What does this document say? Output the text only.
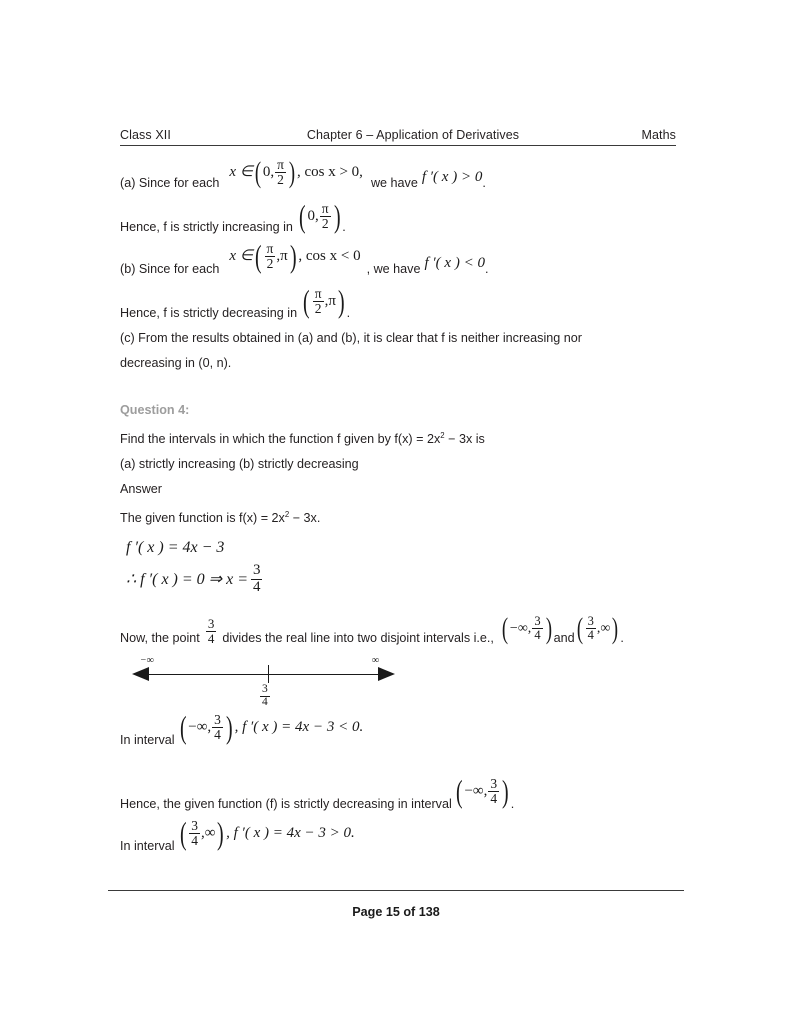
Class XII	Chapter 6 – Application of Derivatives	Maths
(a) Since for each
x ∈ ( 0, $\frac{\pi}{2}$ ) , cos x > 0,
we have f ′( x ) > 0 .
Hence, f is strictly increasing in ( 0, $\frac{\pi}{2}$ ) .
(b) Since for each
x ∈ ( $\frac{\pi}{2} ,\pi$ ) , cos x < 0
, we have f ′( x ) < 0 .
Hence, f is strictly decreasing in ( $\frac{\pi}{2} ,\pi$ ) .
(c) From the results obtained in (a) and (b), it is clear that f is neither increasing nor
decreasing in (0, n).
Question 4:
Find the intervals in which the function f given by $f(x) = 2x^2 - 3x$ is
(a) strictly increasing (b) strictly decreasing
Answer
The given function is $f(x) = 2x^2 - 3x$.
f ′( x ) = 4x − 3
∴ f ′( x ) = 0 ⇒ $x = \frac{3}{4}$
Now, the point $\frac{3}{4}$ divides the real line into two disjoint intervals i.e., ( −∞, $\frac{3}{4}$ ) and ( $\frac{3}{4}$ ,∞ ) .
−∞	∞
$\frac{3}{4}$
In interval ( −∞, $\frac{3}{4}$ ) , f ′( x ) = 4x − 3 < 0.
Hence, the given function (f) is strictly decreasing in interval ( −∞, $\frac{3}{4}$ ) .
In interval ( $\frac{3}{4}$ ,∞ ) , f ′( x ) = 4x − 3 > 0.
Page 15 of 138
